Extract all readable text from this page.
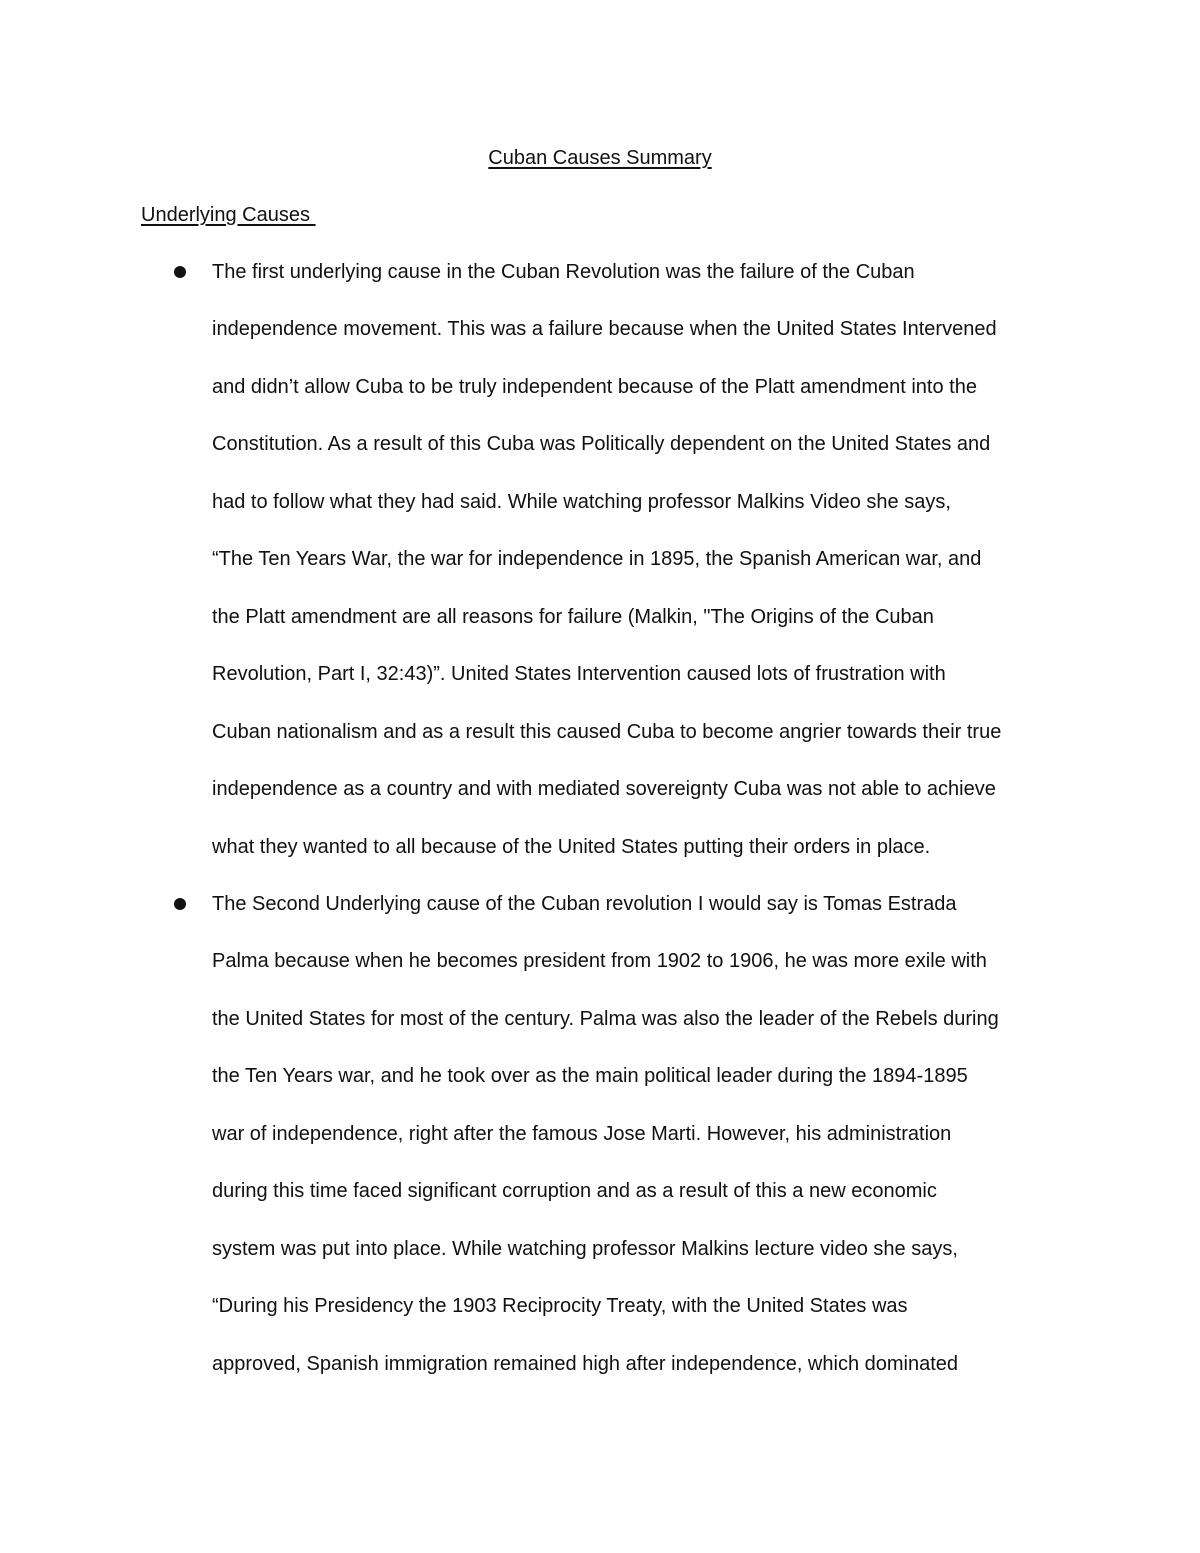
Cuban Causes Summary
Underlying Causes
The first underlying cause in the Cuban Revolution was the failure of the Cuban
independence movement. This was a failure because when the United States Intervened
and didn’t allow Cuba to be truly independent because of the Platt amendment into the
Constitution. As a result of this Cuba was Politically dependent on the United States and
had to follow what they had said. While watching professor Malkins Video she says,
“The Ten Years War, the war for independence in 1895, the Spanish American war, and
the Platt amendment are all reasons for failure (Malkin, "The Origins of the Cuban
Revolution, Part I, 32:43)”. United States Intervention caused lots of frustration with
Cuban nationalism and as a result this caused Cuba to become angrier towards their true
independence as a country and with mediated sovereignty Cuba was not able to achieve
what they wanted to all because of the United States putting their orders in place.
The Second Underlying cause of the Cuban revolution I would say is Tomas Estrada
Palma because when he becomes president from 1902 to 1906, he was more exile with
the United States for most of the century. Palma was also the leader of the Rebels during
the Ten Years war, and he took over as the main political leader during the 1894-1895
war of independence, right after the famous Jose Marti. However, his administration
during this time faced significant corruption and as a result of this a new economic
system was put into place. While watching professor Malkins lecture video she says,
“During his Presidency the 1903 Reciprocity Treaty, with the United States was
approved, Spanish immigration remained high after independence, which dominated
